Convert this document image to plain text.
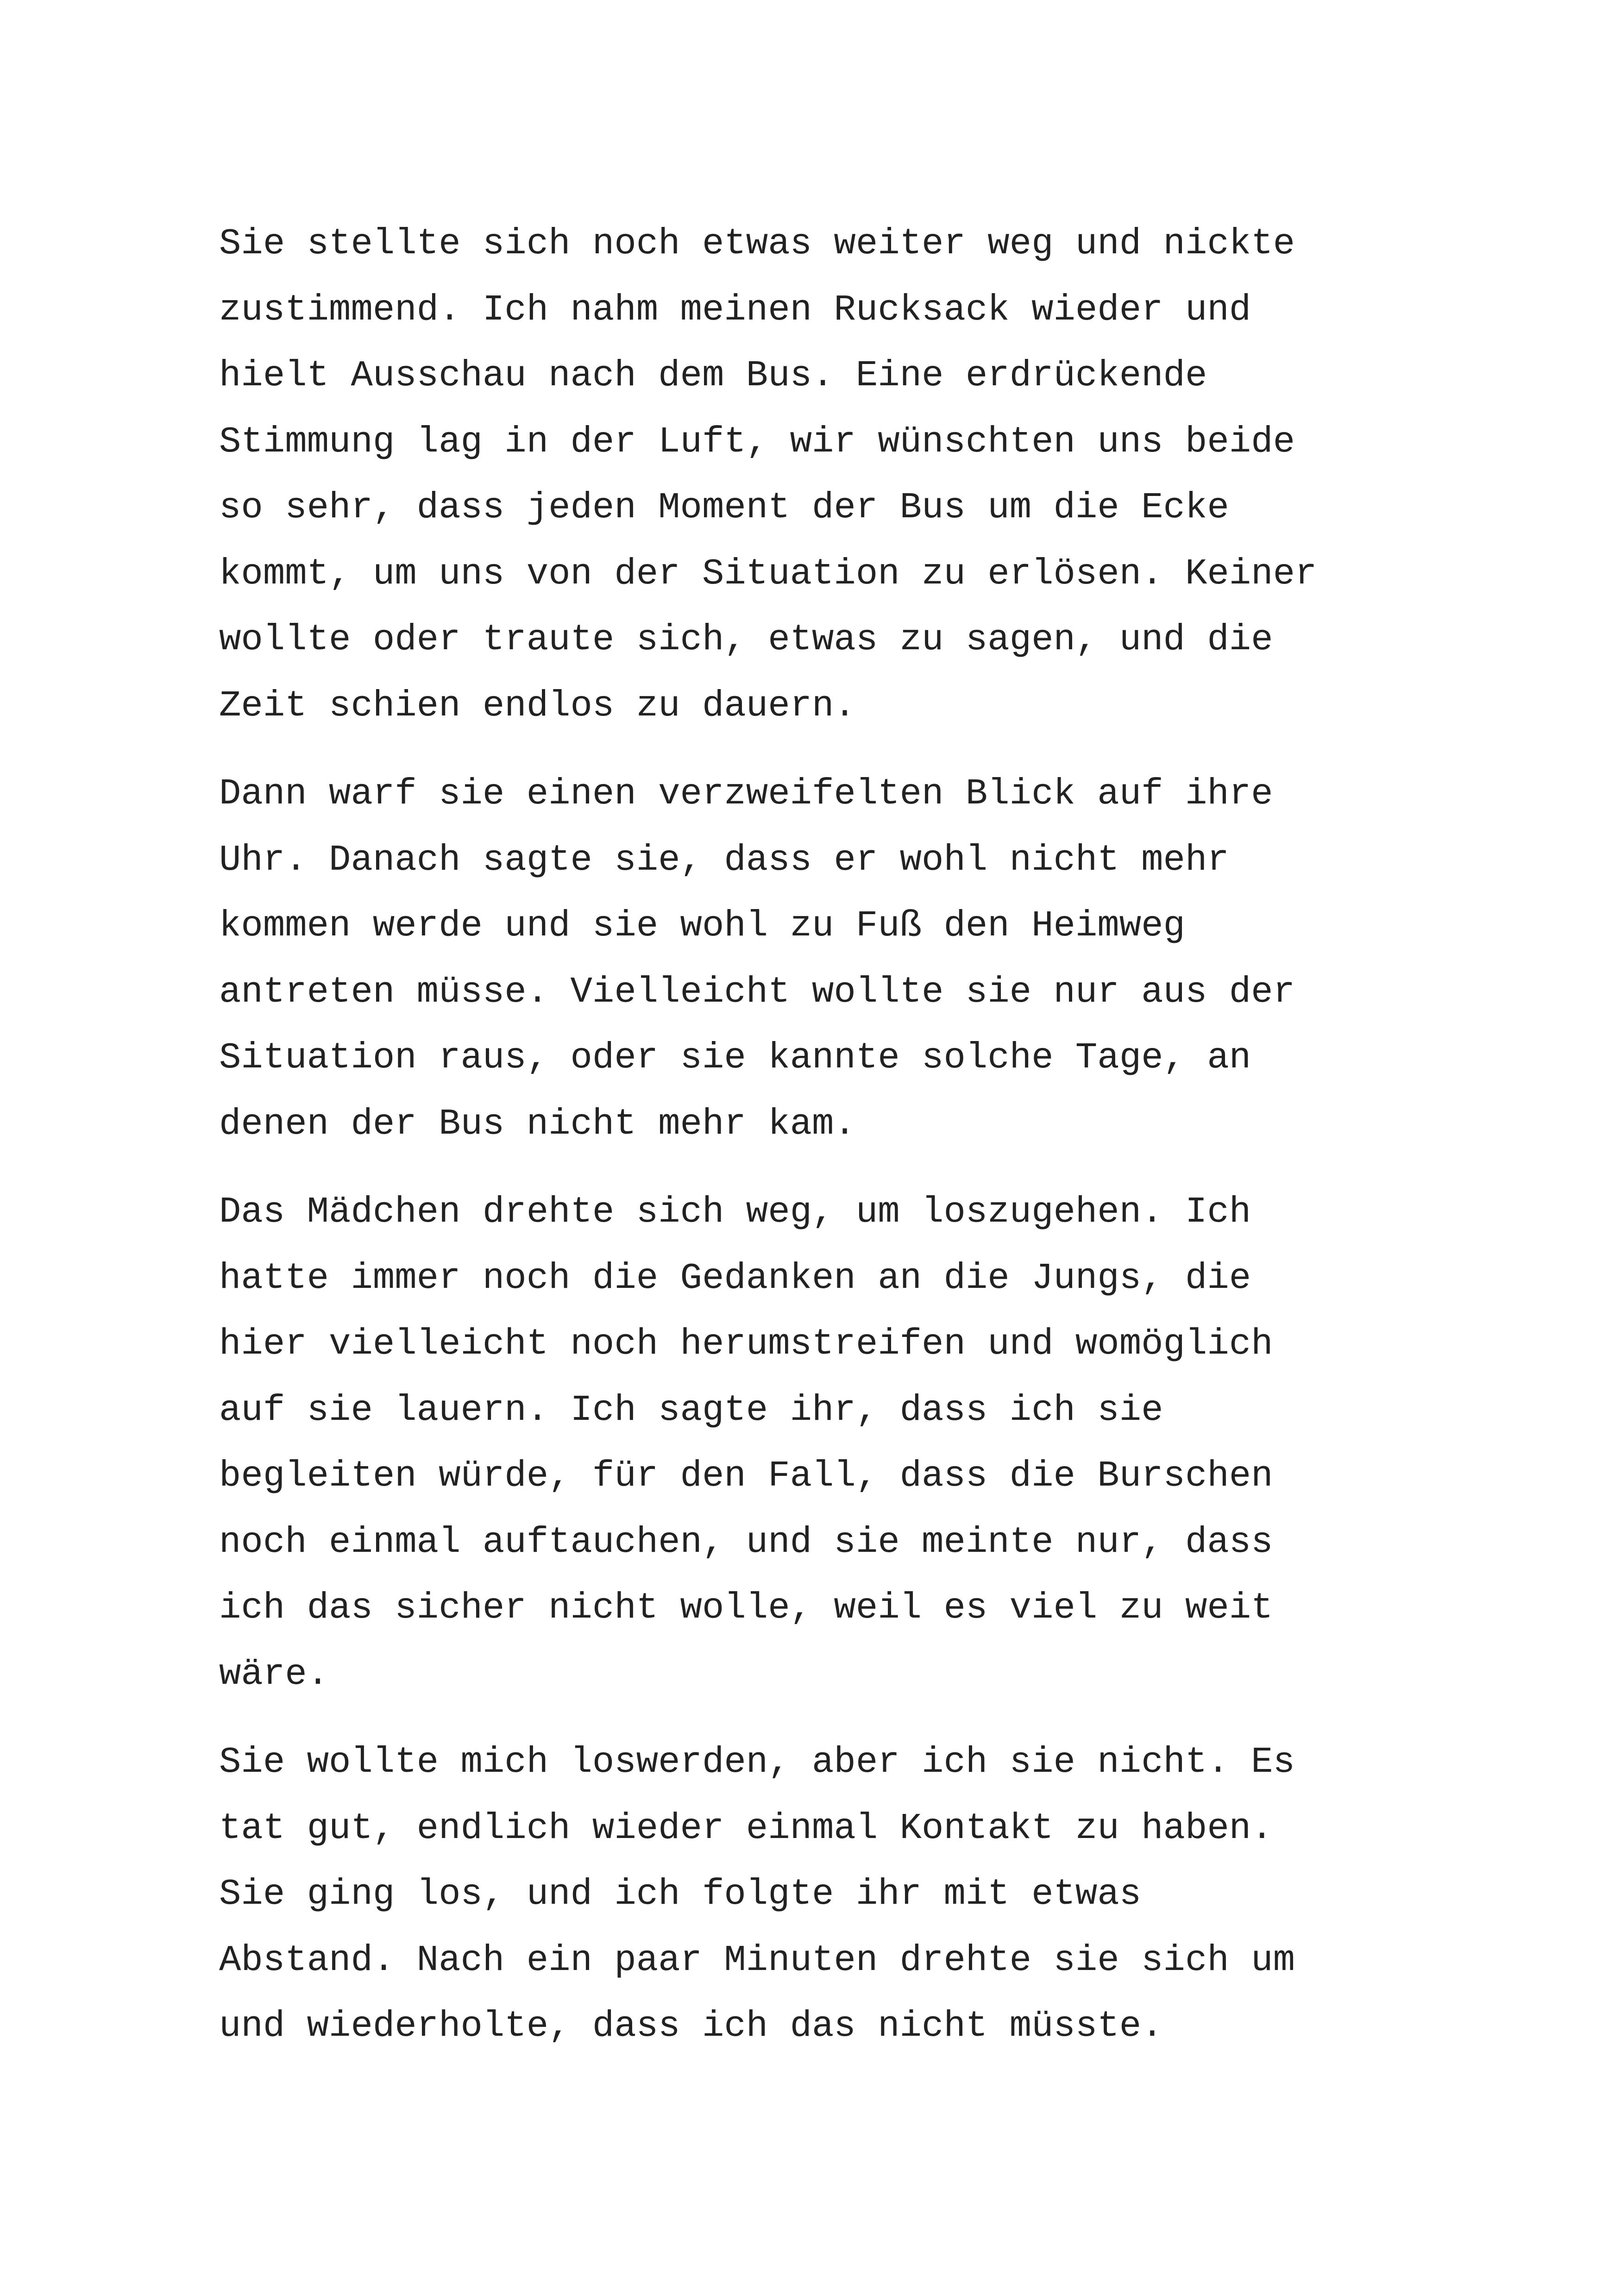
Sie stellte sich noch etwas weiter weg und nickte
zustimmend. Ich nahm meinen Rucksack wieder und
hielt Ausschau nach dem Bus. Eine erdrückende
Stimmung lag in der Luft, wir wünschten uns beide
so sehr, dass jeden Moment der Bus um die Ecke
kommt, um uns von der Situation zu erlösen. Keiner
wollte oder traute sich, etwas zu sagen, und die
Zeit schien endlos zu dauern.
Dann warf sie einen verzweifelten Blick auf ihre
Uhr. Danach sagte sie, dass er wohl nicht mehr
kommen werde und sie wohl zu Fuß den Heimweg
antreten müsse. Vielleicht wollte sie nur aus der
Situation raus, oder sie kannte solche Tage, an
denen der Bus nicht mehr kam.
Das Mädchen drehte sich weg, um loszugehen. Ich
hatte immer noch die Gedanken an die Jungs, die
hier vielleicht noch herumstreifen und womöglich
auf sie lauern. Ich sagte ihr, dass ich sie
begleiten würde, für den Fall, dass die Burschen
noch einmal auftauchen, und sie meinte nur, dass
ich das sicher nicht wolle, weil es viel zu weit
wäre.
Sie wollte mich loswerden, aber ich sie nicht. Es
tat gut, endlich wieder einmal Kontakt zu haben.
Sie ging los, und ich folgte ihr mit etwas
Abstand. Nach ein paar Minuten drehte sie sich um
und wiederholte, dass ich das nicht müsste.
